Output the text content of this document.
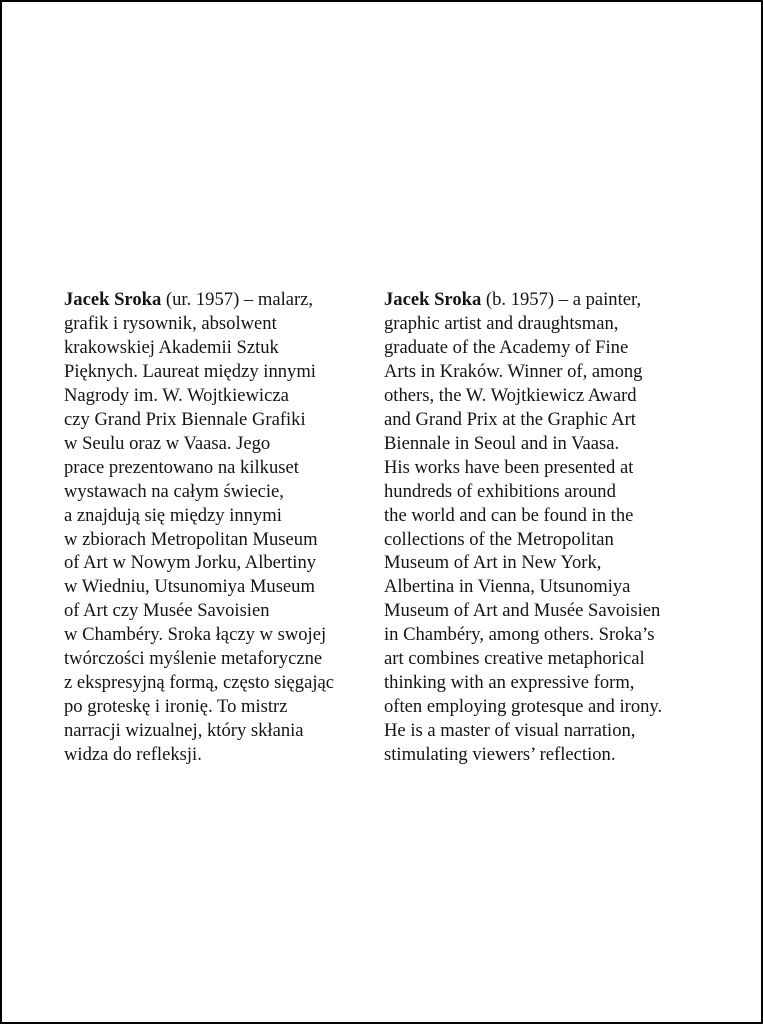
Jacek Sroka (ur. 1957) – malarz,
grafik i rysownik, absolwent
krakowskiej Akademii Sztuk
Pięknych. Laureat między innymi
Nagrody im. W. Wojtkiewicza
czy Grand Prix Biennale Grafiki
w Seulu oraz w Vaasa. Jego
prace prezentowano na kilkuset
wystawach na całym świecie,
a znajdują się między innymi
w zbiorach Metropolitan Museum
of Art w Nowym Jorku, Albertiny
w Wiedniu, Utsunomiya Museum
of Art czy Musée Savoisien
w Chambéry. Sroka łączy w swojej
twórczości myślenie metaforyczne
z ekspresyjną formą, często sięgając
po groteskę i ironię. To mistrz
narracji wizualnej, który skłania
widza do refleksji.
Jacek Sroka (b. 1957) – a painter,
graphic artist and draughtsman,
graduate of the Academy of Fine
Arts in Kraków. Winner of, among
others, the W. Wojtkiewicz Award
and Grand Prix at the Graphic Art
Biennale in Seoul and in Vaasa.
His works have been presented at
hundreds of exhibitions around
the world and can be found in the
collections of the Metropolitan
Museum of Art in New York,
Albertina in Vienna, Utsunomiya
Museum of Art and Musée Savoisien
in Chambéry, among others. Sroka’s
art combines creative metaphorical
thinking with an expressive form,
often employing grotesque and irony.
He is a master of visual narration,
stimulating viewers’ reflection.
